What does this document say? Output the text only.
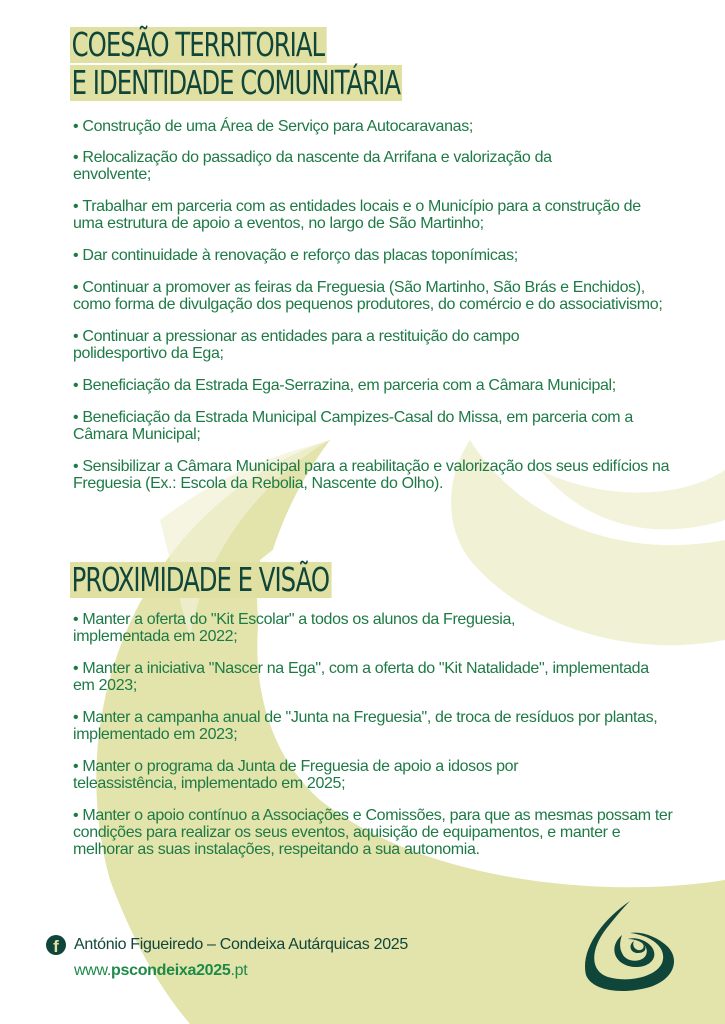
COESÃO TERRITORIAL
E IDENTIDADE COMUNITÁRIA
• Construção de uma Área de Serviço para Autocaravanas;
• Relocalização do passadiço da nascente da Arrifana e valorização da envolvente;
• Trabalhar em parceria com as entidades locais e o Município para a construção de uma estrutura de apoio a eventos, no largo de São Martinho;
• Dar continuidade à renovação e reforço das placas toponímicas;
• Continuar a promover as feiras da Freguesia (São Martinho, São Brás e Enchidos), como forma de divulgação dos pequenos produtores, do comércio e do associativismo;
• Continuar a pressionar as entidades para a restituição do campo polidesportivo da Ega;
• Beneficiação da Estrada Ega-Serrazina, em parceria com a Câmara Municipal;
• Beneficiação da Estrada Municipal Campizes-Casal do Missa, em parceria com a Câmara Municipal;
• Sensibilizar a Câmara Municipal para a reabilitação e valorização dos seus edifícios na Freguesia (Ex.: Escola da Rebolia, Nascente do Olho).
PROXIMIDADE E VISÃO
• Manter a oferta do "Kit Escolar" a todos os alunos da Freguesia, implementada em 2022;
• Manter a iniciativa "Nascer na Ega", com a oferta do "Kit Natalidade", implementada em 2023;
• Manter a campanha anual de "Junta na Freguesia", de troca de resíduos por plantas, implementado em 2023;
• Manter o programa da Junta de Freguesia de apoio a idosos por teleassistência, implementado em 2025;
• Manter o apoio contínuo a Associações e Comissões, para que as mesmas possam ter condições para realizar os seus eventos, aquisição de equipamentos, e manter e melhorar as suas instalações, respeitando a sua autonomia.
f António Figueiredo – Condeixa Autárquicas 2025
www.pscondeixa2025.pt
